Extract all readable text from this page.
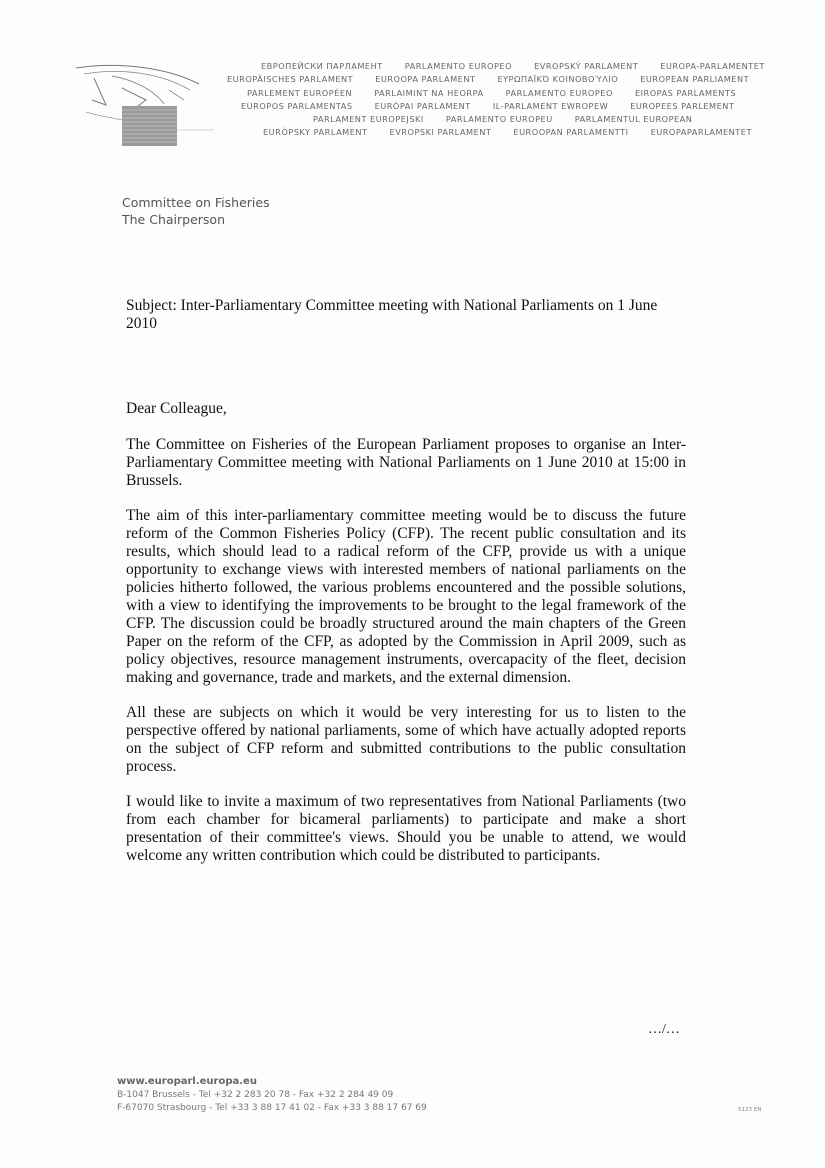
ЕВРОПЕЙСКИ ПАРЛАМЕНТ	PARLAMENTO EUROPEO	EVROPSKÝ PARLAMENT	EUROPA-PARLAMENTET
EUROPÄISCHES PARLAMENT	EUROOPA PARLAMENT	ΕΥΡΩΠΑΪΚΌ ΚΟΙΝΟΒΟΎΛΙΟ	EUROPEAN PARLIAMENT
PARLEMENT EUROPÉEN	PARLAIMINT NA HEORPA	PARLAMENTO EUROPEO	EIROPAS PARLAMENTS
EUROPOS PARLAMENTAS	EURÓPAI PARLAMENT	IL-PARLAMENT EWROPEW	EUROPEES PARLEMENT
PARLAMENT EUROPEJSKI	PARLAMENTO EUROPEU	PARLAMENTUL EUROPEAN
EURÓPSKY PARLAMENT	EVROPSKI PARLAMENT	EUROOPAN PARLAMENTTI	EUROPAPARLAMENTET
Committee on Fisheries
The Chairperson
Subject: Inter-Parliamentary Committee meeting with National Parliaments on 1 June 2010

Dear Colleague,

The Committee on Fisheries of the European Parliament proposes to organise an Inter-Parliamentary Committee meeting with National Parliaments on 1 June 2010 at 15:00 in Brussels.

The aim of this inter-parliamentary committee meeting would be to discuss the future reform of the Common Fisheries Policy (CFP). The recent public consultation and its results, which should lead to a radical reform of the CFP, provide us with a unique opportunity to exchange views with interested members of national parliaments on the policies hitherto followed, the various problems encountered and the possible solutions, with a view to identifying the improvements to be brought to the legal framework of the CFP. The discussion could be broadly structured around the main chapters of the Green Paper on the reform of the CFP, as adopted by the Commission in April 2009, such as policy objectives, resource management instruments, overcapacity of the fleet, decision making and governance, trade and markets, and the external dimension.

All these are subjects on which it would be very interesting for us to listen to the perspective offered by national parliaments, some of which have actually adopted reports on the subject of CFP reform and submitted contributions to the public consultation process.

I would like to invite a maximum of two representatives from National Parliaments (two from each chamber for bicameral parliaments) to participate and make a short presentation of their committee's views. Should you be unable to attend, we would welcome any written contribution which could be distributed to participants.

…/…
www.europarl.europa.eu
B-1047 Brussels - Tel +32 2 283 20 78 - Fax +32 2 284 49 09
F-67070 Strasbourg - Tel +33 3 88 17 41 02 - Fax +33 3 88 17 67 69	5123 EN
